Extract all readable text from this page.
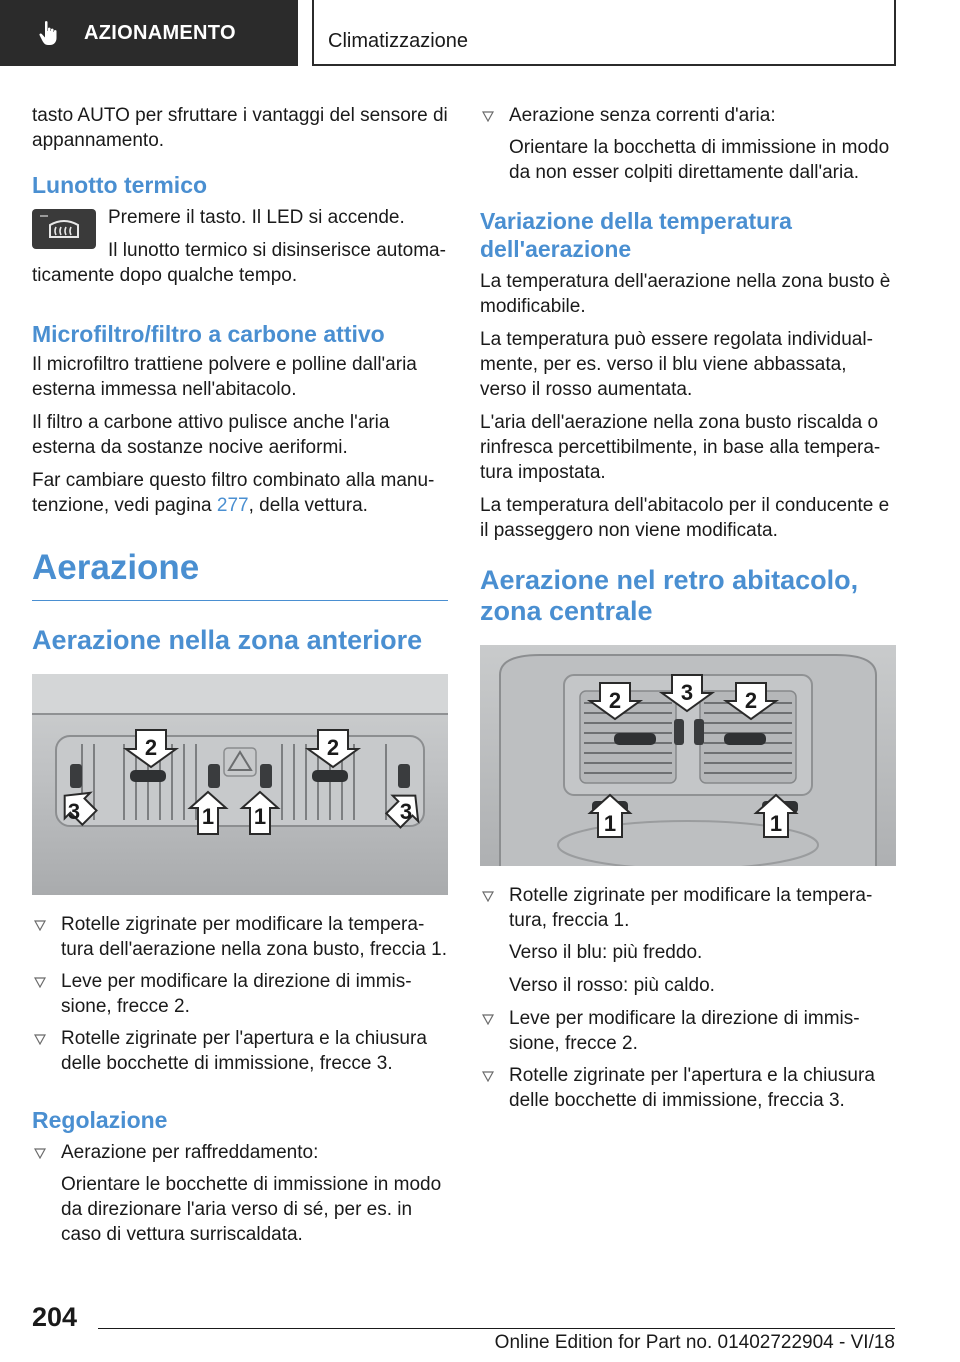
AZIONAMENTO	Climatizzazione

tasto AUTO per sfruttare i vantaggi del sensore di appannamento.

Lunotto termico

Premere il tasto. Il LED si accende.

Il lunotto termico si disinserisce automa-ticamente dopo qualche tempo.

Microfiltro/filtro a carbone attivo

Il microfiltro trattiene polvere e polline dall'aria esterna immessa nell'abitacolo.

Il filtro a carbone attivo pulisce anche l'aria esterna da sostanze nocive aeriformi.

Far cambiare questo filtro combinato alla manu-tenzione, vedi pagina 277, della vettura.

Aerazione
Aerazione nella zona anteriore
2	2
3	1 1	3
Rotelle zigrinate per modificare la tempera-tura dell'aerazione nella zona busto, freccia 1.
Leve per modificare la direzione di immis-sione, frecce 2.
Rotelle zigrinate per l'apertura e la chiusura delle bocchette di immissione, frecce 3.
Regolazione
Aerazione per raffreddamento:
Orientare le bocchette di immissione in modo da direzionare l'aria verso di sé, per es. in caso di vettura surriscaldata.
Aerazione senza correnti d'aria:
Orientare la bocchetta di immissione in modo da non esser colpiti direttamente dall'aria.
Variazione della temperatura dell'aerazione

La temperatura dell'aerazione nella zona busto è modificabile.

La temperatura può essere regolata individual-mente, per es. verso il blu viene abbassata, verso il rosso aumentata.

L'aria dell'aerazione nella zona busto riscalda o rinfresca percettibilmente, in base alla tempera-tura impostata.

La temperatura dell'abitacolo per il conducente e il passeggero non viene modificata.

Aerazione nel retro abitacolo, zona centrale
2	3 2
1	1
Rotelle zigrinate per modificare la tempera-tura, freccia 1.
Verso il blu: più freddo.
Verso il rosso: più caldo.
Leve per modificare la direzione di immis-sione, frecce 2.
Rotelle zigrinate per l'apertura e la chiusura delle bocchette di immissione, freccia 3.
204
Online Edition for Part no. 01402722904 - VI/18
